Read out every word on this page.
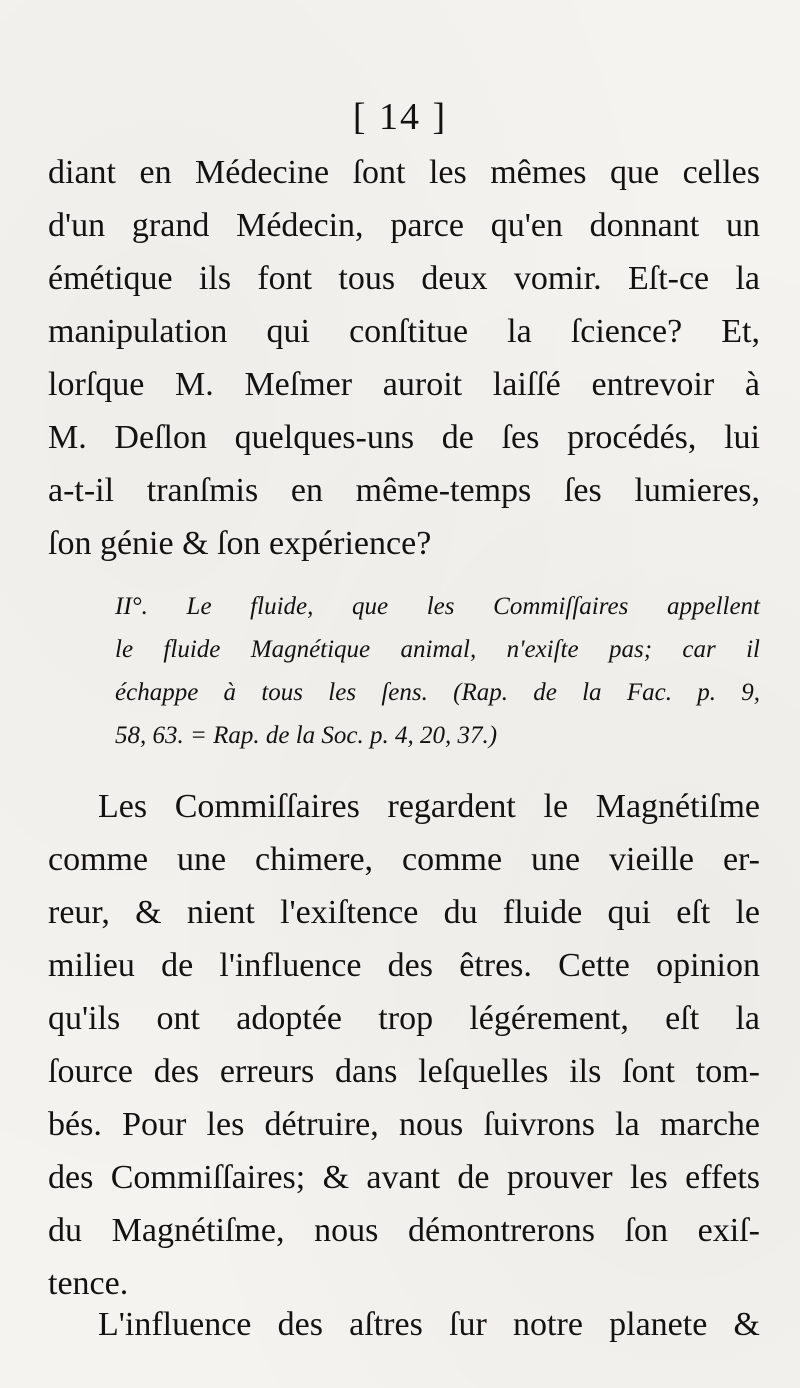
[ 14 ]
diant en Médecine ſont les mêmes que celles
d'un grand Médecin, parce qu'en donnant un
émétique ils font tous deux vomir. Eſt-ce la
manipulation qui conſtitue la ſcience? Et,
lorſque M. Meſmer auroit laiſſé entrevoir à
M. Deſlon quelques-uns de ſes procédés, lui
a-t-il tranſmis en même-temps ſes lumieres,
ſon génie & ſon expérience?
II°. Le fluide, que les Commiſſaires appellent
le fluide Magnétique animal, n'exiſte pas; car il
échappe à tous les ſens. (Rap. de la Fac. p. 9,
58, 63. = Rap. de la Soc. p. 4, 20, 37.)
Les Commiſſaires regardent le Magnétiſme
comme une chimere, comme une vieille er-
reur, & nient l'exiſtence du fluide qui eſt le
milieu de l'influence des êtres. Cette opinion
qu'ils ont adoptée trop légérement, eſt la
ſource des erreurs dans leſquelles ils ſont tom-
bés. Pour les détruire, nous ſuivrons la marche
des Commiſſaires; & avant de prouver les effets
du Magnétiſme, nous démontrerons ſon exiſ-
tence.
L'influence des aſtres ſur notre planete &
